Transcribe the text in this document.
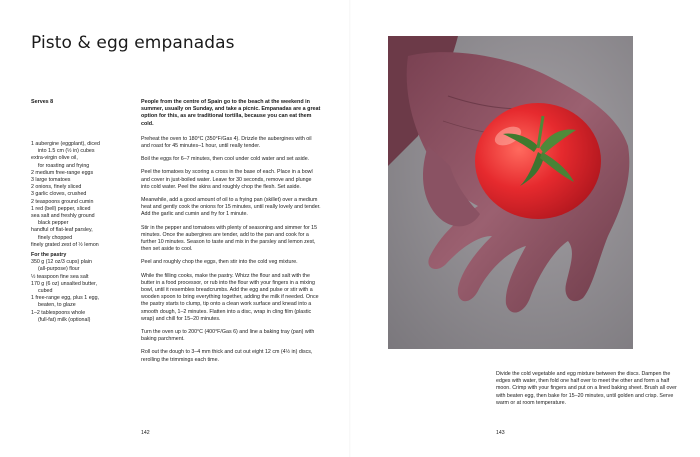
Pisto & egg empanadas

Serves 8

1 aubergine (eggplant), diced
into 1.5 cm (½ in) cubes
extra-virgin olive oil,
for roasting and frying
2 medium free-range eggs
3 large tomatoes
2 onions, finely sliced
3 garlic cloves, crushed
2 teaspoons ground cumin
1 red (bell) pepper, sliced
sea salt and freshly ground
black pepper
handful of flat-leaf parsley,
finely chopped
finely grated zest of ½ lemon
For the pastry
350 g (12 oz/3 cups) plain
(all-purpose) flour
½ teaspoon fine sea salt
170 g (6 oz) unsalted butter,
cubed
1 free-range egg, plus 1 egg,
beaten, to glaze
1–2 tablespoons whole
(full-fat) milk (optional)

People from the centre of Spain go to the beach at the weekend in summer, usually on Sunday, and take a picnic. Empanadas are a great option for this, as are traditional tortilla, because you can eat them cold.

Preheat the oven to 180°C (350°F/Gas 4). Drizzle the aubergines with oil and roast for 45 minutes–1 hour, until really tender.

Boil the eggs for 6–7 minutes, then cool under cold water and set aside.

Peel the tomatoes by scoring a cross in the base of each. Place in a bowl and cover in just-boiled water. Leave for 30 seconds, remove and plunge into cold water. Peel the skins and roughly chop the flesh. Set aside.

Meanwhile, add a good amount of oil to a frying pan (skillet) over a medium heat and gently cook the onions for 15 minutes, until really lovely and tender. Add the garlic and cumin and fry for 1 minute.

Stir in the pepper and tomatoes with plenty of seasoning and simmer for 15 minutes. Once the aubergines are tender, add to the pan and cook for a further 10 minutes. Season to taste and mix in the parsley and lemon zest, then set aside to cool.

Peel and roughly chop the eggs, then stir into the cold veg mixture.

While the filling cooks, make the pastry. Whizz the flour and salt with the butter in a food processor, or rub into the flour with your fingers in a mixing bowl, until it resembles breadcrumbs. Add the egg and pulse or stir with a wooden spoon to bring everything together, adding the milk if needed. Once the pastry starts to clump, tip onto a clean work surface and knead into a smooth dough, 1–2 minutes. Flatten into a disc, wrap in cling film (plastic wrap) and chill for 15–20 minutes.

Turn the oven up to 200°C (400°F/Gas 6) and line a baking tray (pan) with baking parchment.

Roll out the dough to 3–4 mm thick and cut out eight 12 cm (4½ in) discs, rerolling the trimmings each time.

142

Divide the cold vegetable and egg mixture between the discs. Dampen the edges with water, then fold one half over to meet the other and form a half moon. Crimp with your fingers and put on a lined baking sheet. Brush all over with beaten egg, then bake for 15–20 minutes, until golden and crisp. Serve warm or at room temperature.

143
